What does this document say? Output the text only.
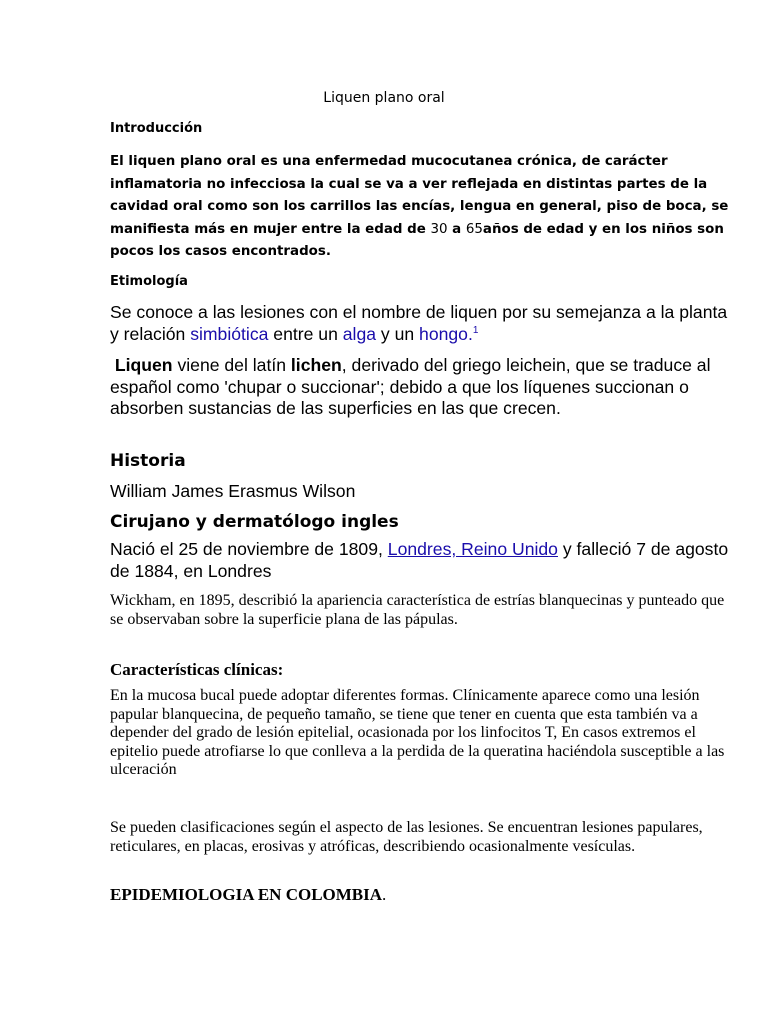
Liquen plano oral
Introducción

El liquen plano oral es una enfermedad mucocutanea crónica, de carácter inflamatoria no infecciosa la cual se va a ver reflejada en distintas partes de la cavidad oral como son los carrillos las encías, lengua en general, piso de boca, se manifiesta más en mujer entre la edad de 30 a 65años de edad y en los niños son pocos los casos encontrados.

Etimología

Se conoce a las lesiones con el nombre de liquen por su semejanza a la planta y relación simbiótica entre un alga y un hongo.$^1$

Liquen viene del latín lichen, derivado del griego leichein, que se traduce al español como 'chupar o succionar'; debido a que los líquenes succionan o absorben sustancias de las superficies en las que crecen.

Historia
William James Erasmus Wilson
Cirujano y dermatólogo ingles

Nació el 25 de noviembre de 1809, Londres, Reino Unido y falleció 7 de agosto de 1884, en Londres

Wickham, en 1895, describió la apariencia característica de estrías blanquecinas y punteado que se observaban sobre la superficie plana de las pápulas.

Características clínicas:

En la mucosa bucal puede adoptar diferentes formas. Clínicamente aparece como una lesión papular blanquecina, de pequeño tamaño, se tiene que tener en cuenta que esta también va a depender del grado de lesión epitelial, ocasionada por los linfocitos T, En casos extremos el epitelio puede atrofiarse lo que conlleva a la perdida de la queratina haciéndola susceptible a las ulceración

Se pueden clasificaciones según el aspecto de las lesiones. Se encuentran lesiones papulares, reticulares, en placas, erosivas y atróficas, describiendo ocasionalmente vesículas.

EPIDEMIOLOGIA EN COLOMBIA.
